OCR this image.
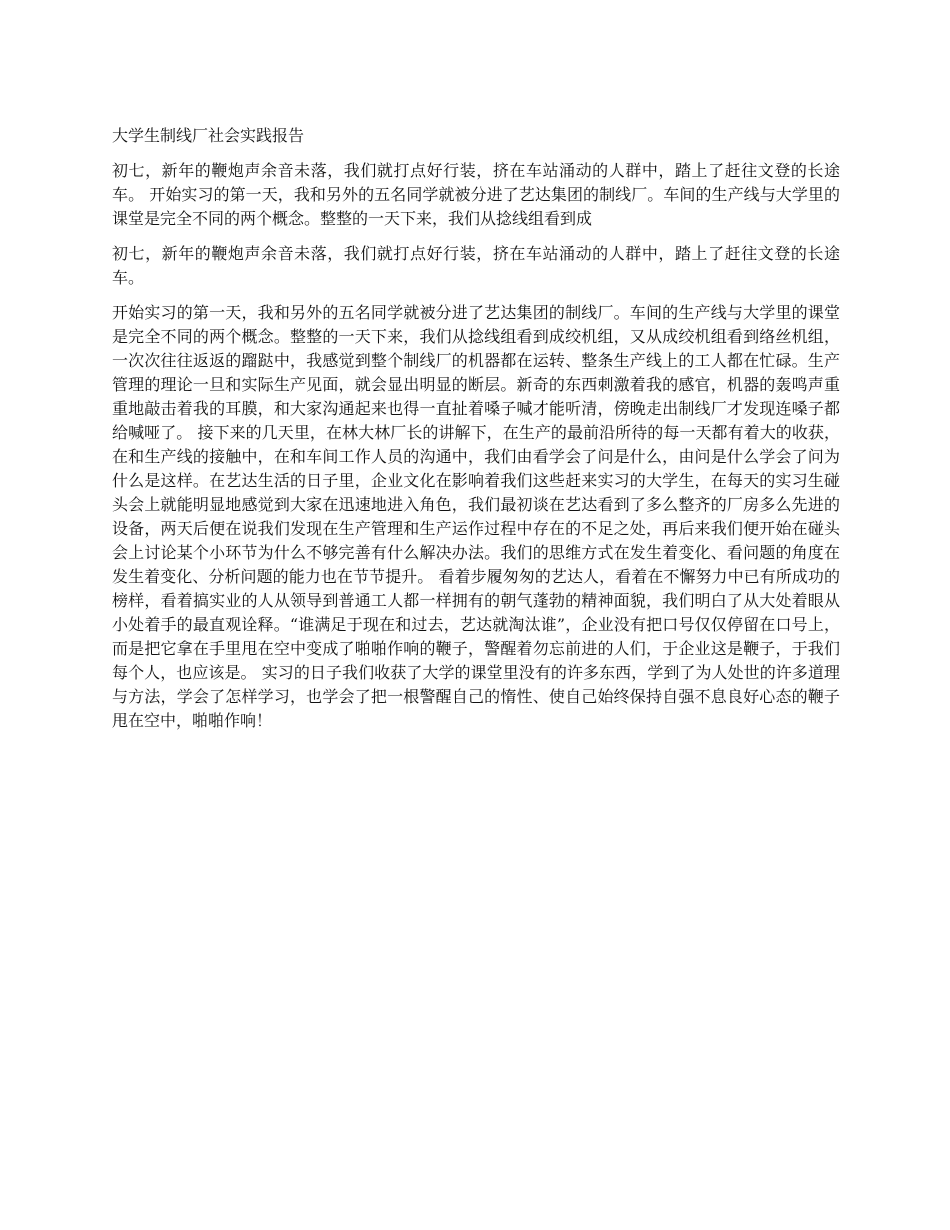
大学生制线厂社会实践报告

初七，新年的鞭炮声余音未落，我们就打点好行装，挤在车站涌动的人群中，踏上了赶往文登的长途车。 开始实习的第一天，我和另外的五名同学就被分进了艺达集团的制线厂。车间的生产线与大学里的课堂是完全不同的两个概念。整整的一天下来，我们从捻线组看到成

初七，新年的鞭炮声余音未落，我们就打点好行装，挤在车站涌动的人群中，踏上了赶往文登的长途车。

开始实习的第一天，我和另外的五名同学就被分进了艺达集团的制线厂。车间的生产线与大学里的课堂是完全不同的两个概念。整整的一天下来，我们从捻线组看到成绞机组，又从成绞机组看到络丝机组，一次次往往返返的蹓跶中，我感觉到整个制线厂的机器都在运转、整条生产线上的工人都在忙碌。生产管理的理论一旦和实际生产见面，就会显出明显的断层。新奇的东西刺激着我的感官，机器的轰鸣声重重地敲击着我的耳膜，和大家沟通起来也得一直扯着嗓子喊才能听清，傍晚走出制线厂才发现连嗓子都给喊哑了。 接下来的几天里，在林大林厂长的讲解下，在生产的最前沿所待的每一天都有着大的收获，在和生产线的接触中，在和车间工作人员的沟通中，我们由看学会了问是什么，由问是什么学会了问为什么是这样。在艺达生活的日子里，企业文化在影响着我们这些赶来实习的大学生，在每天的实习生碰头会上就能明显地感觉到大家在迅速地进入角色，我们最初谈在艺达看到了多么整齐的厂房多么先进的设备，两天后便在说我们发现在生产管理和生产运作过程中存在的不足之处，再后来我们便开始在碰头会上讨论某个小环节为什么不够完善有什么解决办法。我们的思维方式在发生着变化、看问题的角度在发生着变化、分析问题的能力也在节节提升。 看着步履匆匆的艺达人，看着在不懈努力中已有所成功的榜样，看着搞实业的人从领导到普通工人都一样拥有的朝气蓬勃的精神面貌，我们明白了从大处着眼从小处着手的最直观诠释。“谁满足于现在和过去，艺达就淘汰谁”，企业没有把口号仅仅停留在口号上，而是把它拿在手里甩在空中变成了啪啪作响的鞭子，警醒着勿忘前进的人们，于企业这是鞭子，于我们每个人，也应该是。 实习的日子我们收获了大学的课堂里没有的许多东西，学到了为人处世的许多道理与方法，学会了怎样学习，也学会了把一根警醒自己的惰性、使自己始终保持自强不息良好心态的鞭子甩在空中，啪啪作响！
